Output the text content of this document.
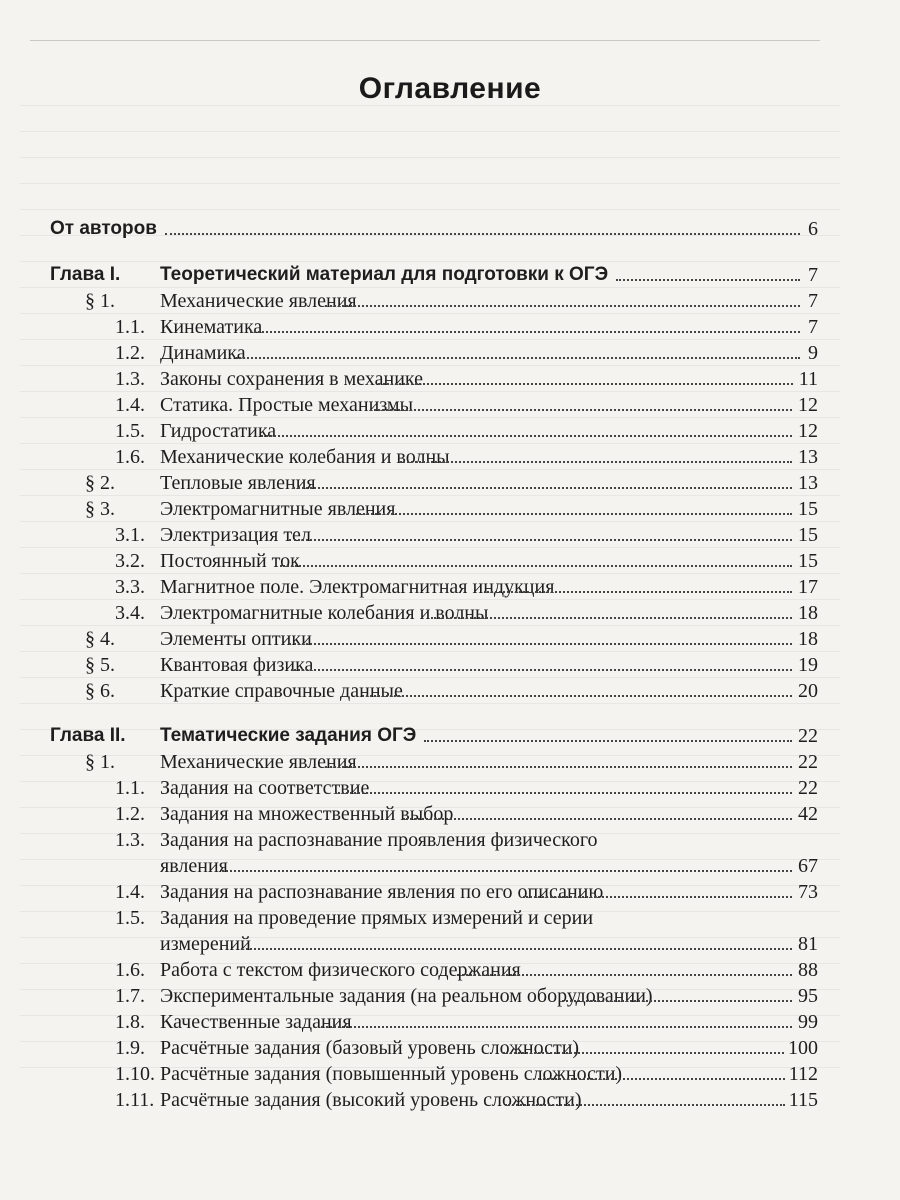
Оглавление
От авторов	6
Глава I. Теоретический материал для подготовки к ОГЭ	7
§ 1. Механические явления	7
1.1. Кинематика	7
1.2. Динамика	9
1.3. Законы сохранения в механике	11
1.4. Статика. Простые механизмы	12
1.5. Гидростатика	12
1.6. Механические колебания и волны	13
§ 2. Тепловые явления	13
§ 3. Электромагнитные явления	15
3.1. Электризация тел	15
3.2. Постоянный ток	15
3.3. Магнитное поле. Электромагнитная индукция	17
3.4. Электромагнитные колебания и волны	18
§ 4. Элементы оптики	18
§ 5. Квантовая физика	19
§ 6. Краткие справочные данные	20
Глава II. Тематические задания ОГЭ	22
§ 1. Механические явления	22
1.1. Задания на соответствие	22
1.2. Задания на множественный выбор	42
1.3. Задания на распознавание проявления физического
явления	67
1.4. Задания на распознавание явления по его описанию	73
1.5. Задания на проведение прямых измерений и серии
измерений	81
1.6. Работа с текстом физического содержания	88
1.7. Экспериментальные задания (на реальном оборудовании)	95
1.8. Качественные задания	99
1.9. Расчётные задания (базовый уровень сложности)	100
1.10. Расчётные задания (повышенный уровень сложности)	112
1.11. Расчётные задания (высокий уровень сложности)	115
